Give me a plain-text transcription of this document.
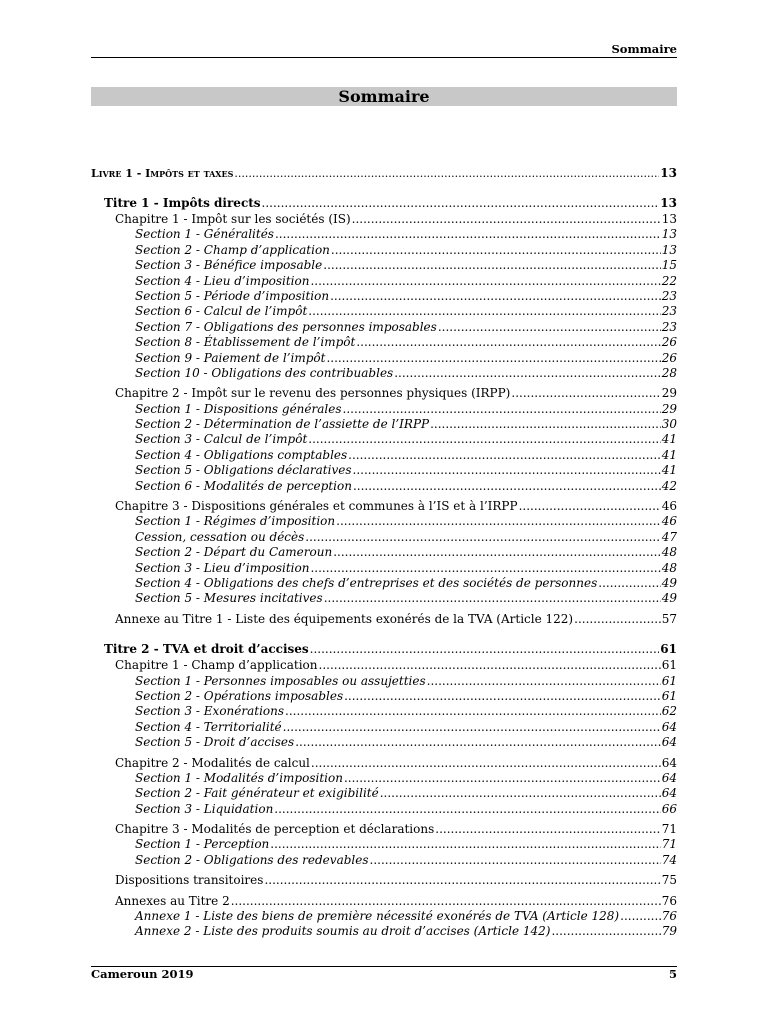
Sommaire
Sommaire
Livre 1 - Impôts et taxes .....	13
Titre 1 - Impôts directs .....	13
Chapitre 1 - Impôt sur les sociétés (IS) .....	13
Section 1 - Généralités .....	13
Section 2 - Champ d’application .....	13
Section 3 - Bénéfice imposable .....	15
Section 4 - Lieu d’imposition .....	22
Section 5 - Période d’imposition .....	23
Section 6 - Calcul de l’impôt .....	23
Section 7 - Obligations des personnes imposables .....	23
Section 8 - Établissement de l’impôt .....	26
Section 9 - Paiement de l’impôt .....	26
Section 10 - Obligations des contribuables .....	28
Chapitre 2 - Impôt sur le revenu des personnes physiques (IRPP) .....	29
Section 1 - Dispositions générales .....	29
Section 2 - Détermination de l’assiette de l’IRPP .....	30
Section 3 - Calcul de l’impôt .....	41
Section 4 - Obligations comptables .....	41
Section 5 - Obligations déclaratives .....	41
Section 6 - Modalités de perception .....	42
Chapitre 3 - Dispositions générales et communes à l’IS et à l’IRPP .....	46
Section 1 - Régimes d’imposition .....	46
Cession, cessation ou décès .....	47
Section 2 - Départ du Cameroun .....	48
Section 3 - Lieu d’imposition .....	48
Section 4 - Obligations des chefs d’entreprises et des sociétés de personnes .....	49
Section 5 - Mesures incitatives .....	49
Annexe au Titre 1 - Liste des équipements exonérés de la TVA (Article 122) .....	57
Titre 2 - TVA et droit d’accises .....	61
Chapitre 1 - Champ d’application .....	61
Section 1 - Personnes imposables ou assujetties .....	61
Section 2 - Opérations imposables .....	61
Section 3 - Exonérations .....	62
Section 4 - Territorialité .....	64
Section 5 - Droit d’accises .....	64
Chapitre 2 - Modalités de calcul .....	64
Section 1 - Modalités d’imposition .....	64
Section 2 - Fait générateur et exigibilité .....	64
Section 3 - Liquidation .....	66
Chapitre 3 - Modalités de perception et déclarations .....	71
Section 1 - Perception .....	71
Section 2 - Obligations des redevables .....	74
Dispositions transitoires .....	75
Annexes au Titre 2 .....	76
Annexe 1 - Liste des biens de première nécessité exonérés de TVA (Article 128) .....	76
Annexe 2 - Liste des produits soumis au droit d’accises (Article 142) .....	79
Cameroun 2019	5
